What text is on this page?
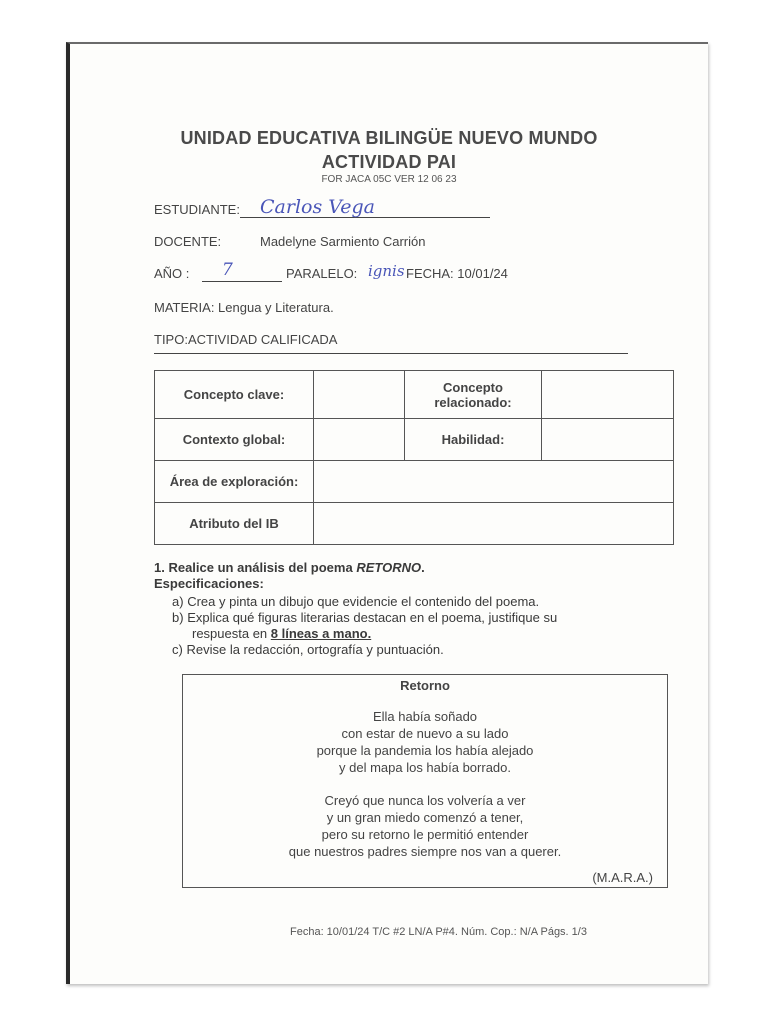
UNIDAD EDUCATIVA BILINGÜE NUEVO MUNDO
ACTIVIDAD PAI
FOR JACA 05C VER 12 06 23
ESTUDIANTE: Carlos Vega
DOCENTE:	Madelyne Sarmiento Carrión
AÑO : 7	PARALELO: ignis FECHA: 10/01/24
MATERIA: Lengua y Literatura.
TIPO:ACTIVIDAD CALIFICADA
Concepto clave:		Concepto relacionado:	
Contexto global:		Habilidad:	
Área de exploración:			
Atributo del IB			
1. Realice un análisis del poema RETORNO.
Especificaciones:
a) Crea y pinta un dibujo que evidencie el contenido del poema.
b) Explica qué figuras literarias destacan en el poema, justifique su
respuesta en 8 líneas a mano.
c) Revise la redacción, ortografía y puntuación.
Retorno
Ella había soñado
con estar de nuevo a su lado
porque la pandemia los había alejado
y del mapa los había borrado.
Creyó que nunca los volvería a ver
y un gran miedo comenzó a tener,
pero su retorno le permitió entender
que nuestros padres siempre nos van a querer.
(M.A.R.A.)
Fecha: 10/01/24 T/C #2 LN/A P#4. Núm. Cop.: N/A Págs. 1/3
